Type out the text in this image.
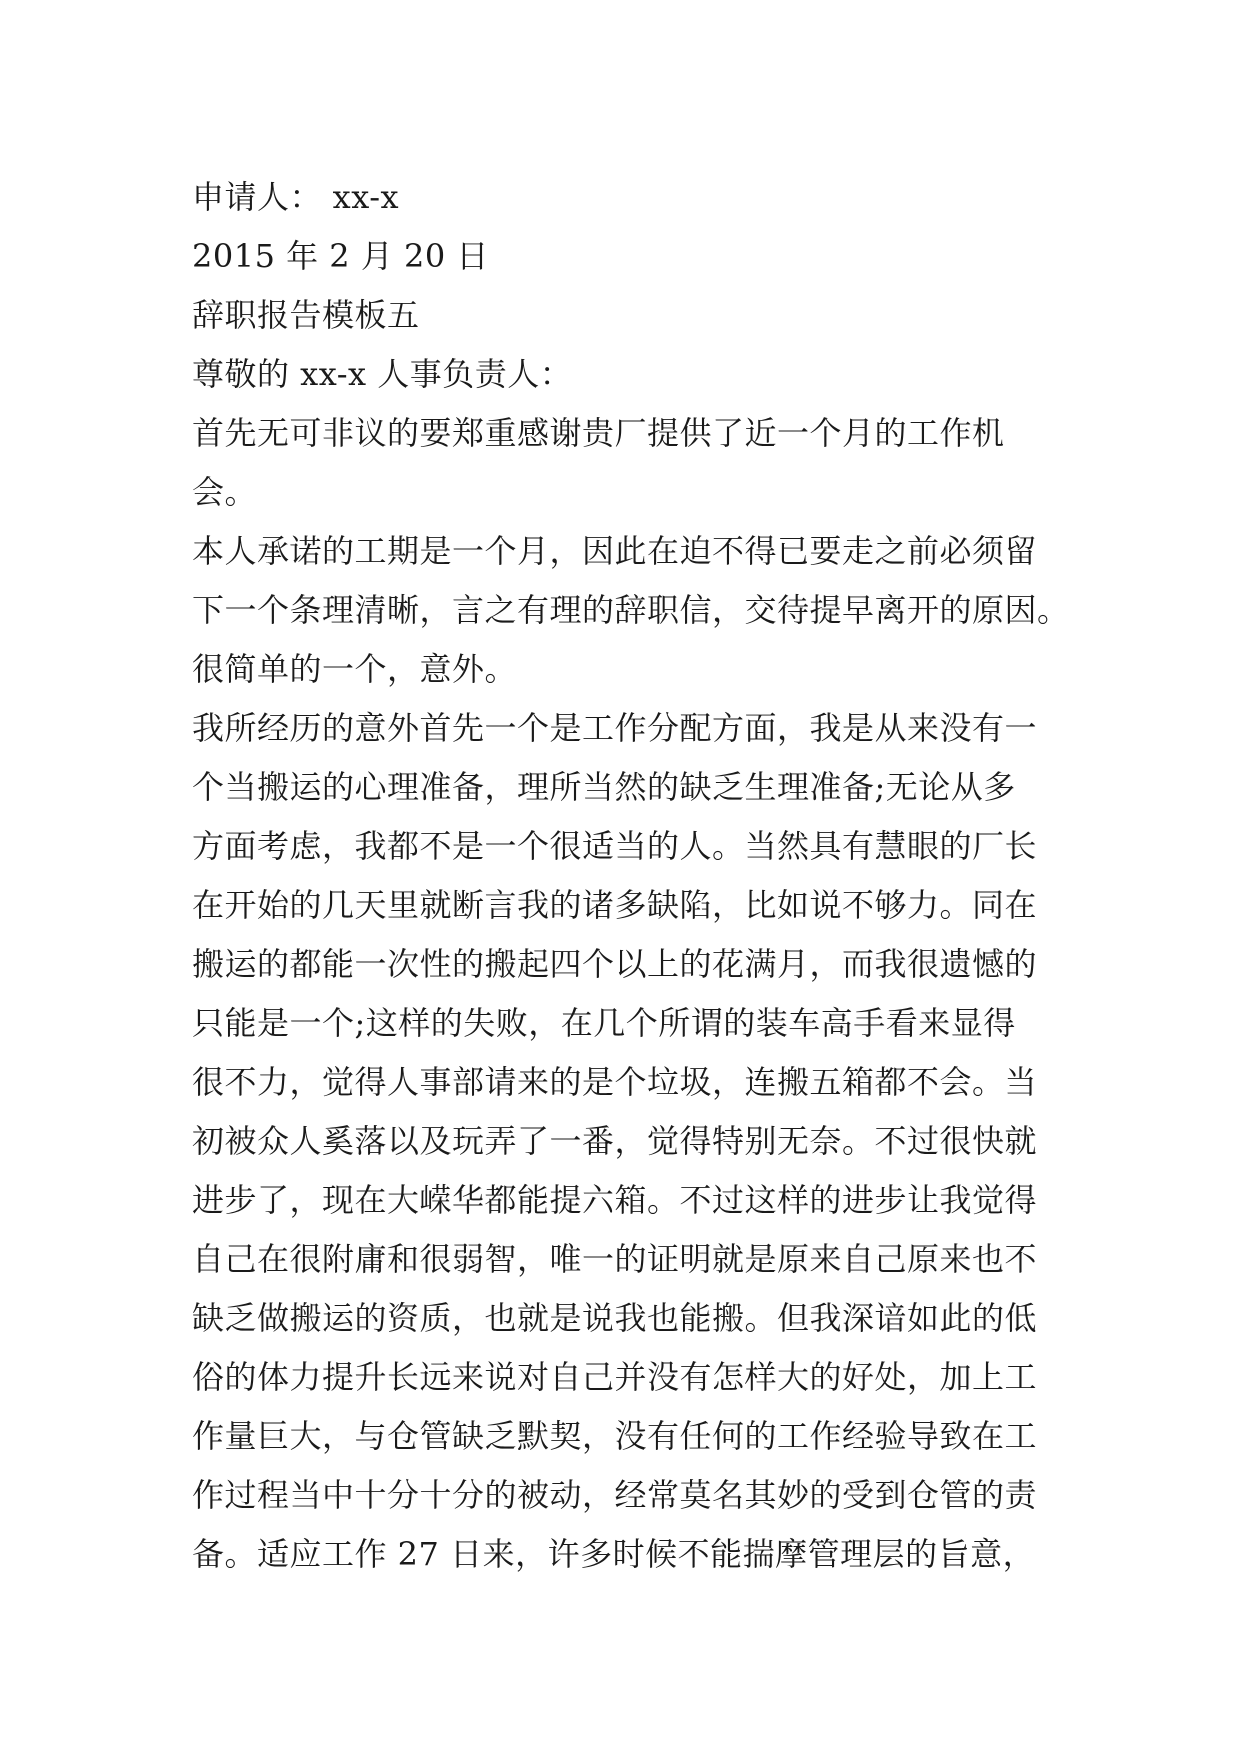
申请人： xx-x
2015 年 2 月 20 日
辞职报告模板五
尊敬的 xx-x 人事负责人：
首先无可非议的要郑重感谢贵厂提供了近一个月的工作机
会。
本人承诺的工期是一个月，因此在迫不得已要走之前必须留
下一个条理清晰，言之有理的辞职信，交待提早离开的原因。
很简单的一个，意外。
我所经历的意外首先一个是工作分配方面，我是从来没有一
个当搬运的心理准备，理所当然的缺乏生理准备;无论从多
方面考虑，我都不是一个很适当的人。当然具有慧眼的厂长
在开始的几天里就断言我的诸多缺陷，比如说不够力。同在
搬运的都能一次性的搬起四个以上的花满月，而我很遗憾的
只能是一个;这样的失败，在几个所谓的装车高手看来显得
很不力，觉得人事部请来的是个垃圾，连搬五箱都不会。当
初被众人奚落以及玩弄了一番，觉得特别无奈。不过很快就
进步了，现在大嵘华都能提六箱。不过这样的进步让我觉得
自己在很附庸和很弱智，唯一的证明就是原来自己原来也不
缺乏做搬运的资质，也就是说我也能搬。但我深谙如此的低
俗的体力提升长远来说对自己并没有怎样大的好处，加上工
作量巨大，与仓管缺乏默契，没有任何的工作经验导致在工
作过程当中十分十分的被动，经常莫名其妙的受到仓管的责
备。适应工作 27 日来，许多时候不能揣摩管理层的旨意，
